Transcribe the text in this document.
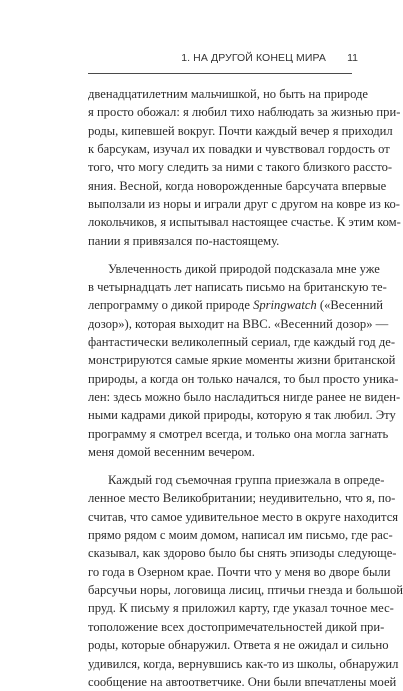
1. НА ДРУГОЙ КОНЕЦ МИРА 11
двенадцатилетним мальчишкой, но быть на природе
я просто обожал: я любил тихо наблюдать за жизнью при-
роды, кипевшей вокруг. Почти каждый вечер я приходил
к барсукам, изучал их повадки и чувствовал гордость от
того, что могу следить за ними с такого близкого рассто-
яния. Весной, когда новорожденные барсучата впервые
выползали из норы и играли друг с другом на ковре из ко-
локольчиков, я испытывал настоящее счастье. К этим ком-
пании я привязался по-настоящему.
Увлеченность дикой природой подсказала мне уже
в четырнадцать лет написать письмо на британскую те-
лепрограмму о дикой природе Springwatch («Весенний
дозор»), которая выходит на BBC. «Весенний дозор» —
фантастически великолепный сериал, где каждый год де-
монстрируются самые яркие моменты жизни британской
природы, а когда он только начался, то был просто уника-
лен: здесь можно было насладиться нигде ранее не виден-
ными кадрами дикой природы, которую я так любил. Эту
программу я смотрел всегда, и только она могла загнать
меня домой весенним вечером.
Каждый год съемочная группа приезжала в опреде-
ленное место Великобритании; неудивительно, что я, по-
считав, что самое удивительное место в округе находится
прямо рядом с моим домом, написал им письмо, где рас-
сказывал, как здорово было бы снять эпизоды следующе-
го года в Озерном крае. Почти что у меня во дворе были
барсучьи норы, логовища лисиц, птичьи гнезда и большой
пруд. К письму я приложил карту, где указал точное мес-
тоположение всех достопримечательностей дикой при-
роды, которые обнаружил. Ответа я не ожидал и сильно
удивился, когда, вернувшись как-то из школы, обнаружил
сообщение на автоответчике. Они были впечатлены моей
